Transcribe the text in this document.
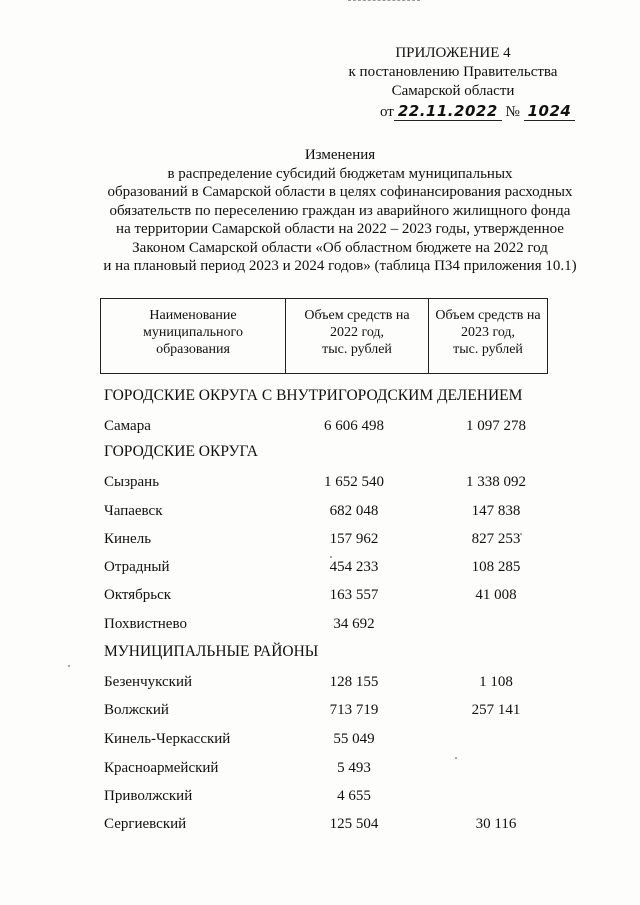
ПРИЛОЖЕНИЕ 4
к постановлению Правительства
Самарской области
от 22.11.2022 № 1024
Изменения
в распределение субсидий бюджетам муниципальных
образований в Самарской области в целях софинансирования расходных
обязательств по переселению граждан из аварийного жилищного фонда
на территории Самарской области на 2022 – 2023 годы, утвержденное
Законом Самарской области «Об областном бюджете на 2022 год
и на плановый период 2023 и 2024 годов» (таблица П34 приложения 10.1)
Наименование
муниципального
образования

Объем средств на
2022 год,
тыс. рублей

Объем средств на
2023 год,
тыс. рублей
ГОРОДСКИЕ ОКРУГА С ВНУТРИГОРОДСКИМ ДЕЛЕНИЕМ
Самара	6 606 498	1 097 278
ГОРОДСКИЕ ОКРУГА
Сызрань	1 652 540	1 338 092
Чапаевск	682 048	147 838
Кинель	157 962	827 253
Отрадный	454 233	108 285
Октябрьск	163 557	41 008
Похвистнево	34 692
МУНИЦИПАЛЬНЫЕ РАЙОНЫ
Безенчукский	128 155	1 108
Волжский	713 719	257 141
Кинель-Черкасский	55 049
Красноармейский	5 493
Приволжский	4 655
Сергиевский	125 504	30 116
